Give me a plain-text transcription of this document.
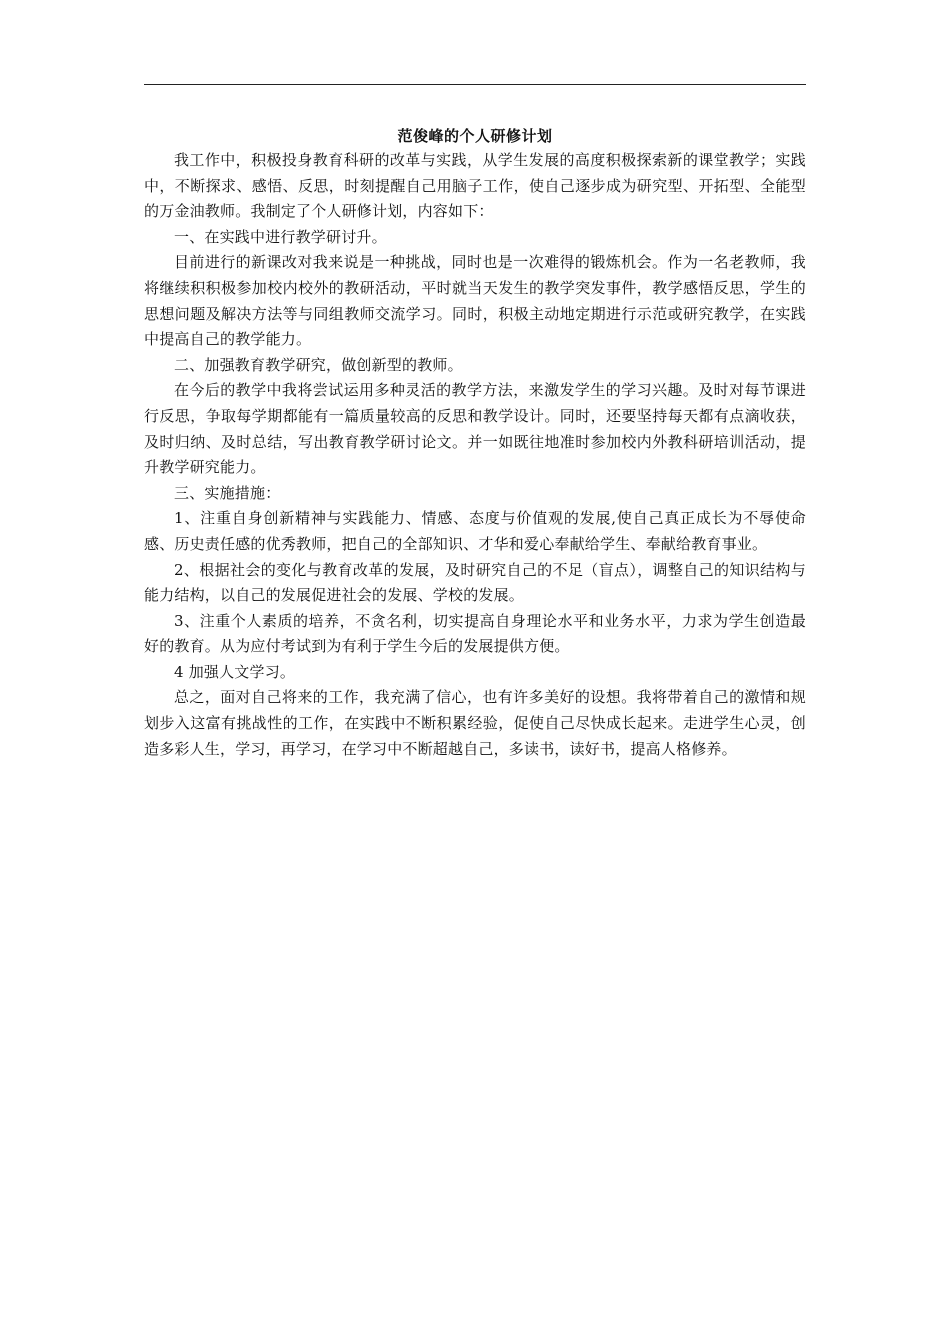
范俊峰的个人研修计划

我工作中，积极投身教育科研的改革与实践，从学生发展的高度积极探索新的课堂教学；实践中，不断探求、感悟、反思，时刻提醒自己用脑子工作，使自己逐步成为研究型、开拓型、全能型的万金油教师。我制定了个人研修计划，内容如下：

一、在实践中进行教学研讨升。

目前进行的新课改对我来说是一种挑战，同时也是一次难得的锻炼机会。作为一名老教师，我将继续积积极参加校内校外的教研活动，平时就当天发生的教学突发事件，教学感悟反思，学生的思想问题及解决方法等与同组教师交流学习。同时，积极主动地定期进行示范或研究教学，在实践中提高自己的教学能力。

二、加强教育教学研究，做创新型的教师。

在今后的教学中我将尝试运用多种灵活的教学方法，来激发学生的学习兴趣。及时对每节课进行反思，争取每学期都能有一篇质量较高的反思和教学设计。同时，还要坚持每天都有点滴收获，及时归纳、及时总结，写出教育教学研讨论文。并一如既往地准时参加校内外教科研培训活动，提升教学研究能力。

三、实施措施：

1、注重自身创新精神与实践能力、情感、态度与价值观的发展,使自己真正成长为不辱使命感、历史责任感的优秀教师，把自己的全部知识、才华和爱心奉献给学生、奉献给教育事业。

2、根据社会的变化与教育改革的发展，及时研究自己的不足（盲点），调整自己的知识结构与能力结构，以自己的发展促进社会的发展、学校的发展。

3、注重个人素质的培养，不贪名利，切实提高自身理论水平和业务水平，力求为学生创造最好的教育。从为应付考试到为有利于学生今后的发展提供方便。

4 加强人文学习。

总之，面对自己将来的工作，我充满了信心，也有许多美好的设想。我将带着自己的激情和规划步入这富有挑战性的工作，在实践中不断积累经验，促使自己尽快成长起来。走进学生心灵，创造多彩人生，学习，再学习，在学习中不断超越自己，多读书，读好书，提高人格修养。
